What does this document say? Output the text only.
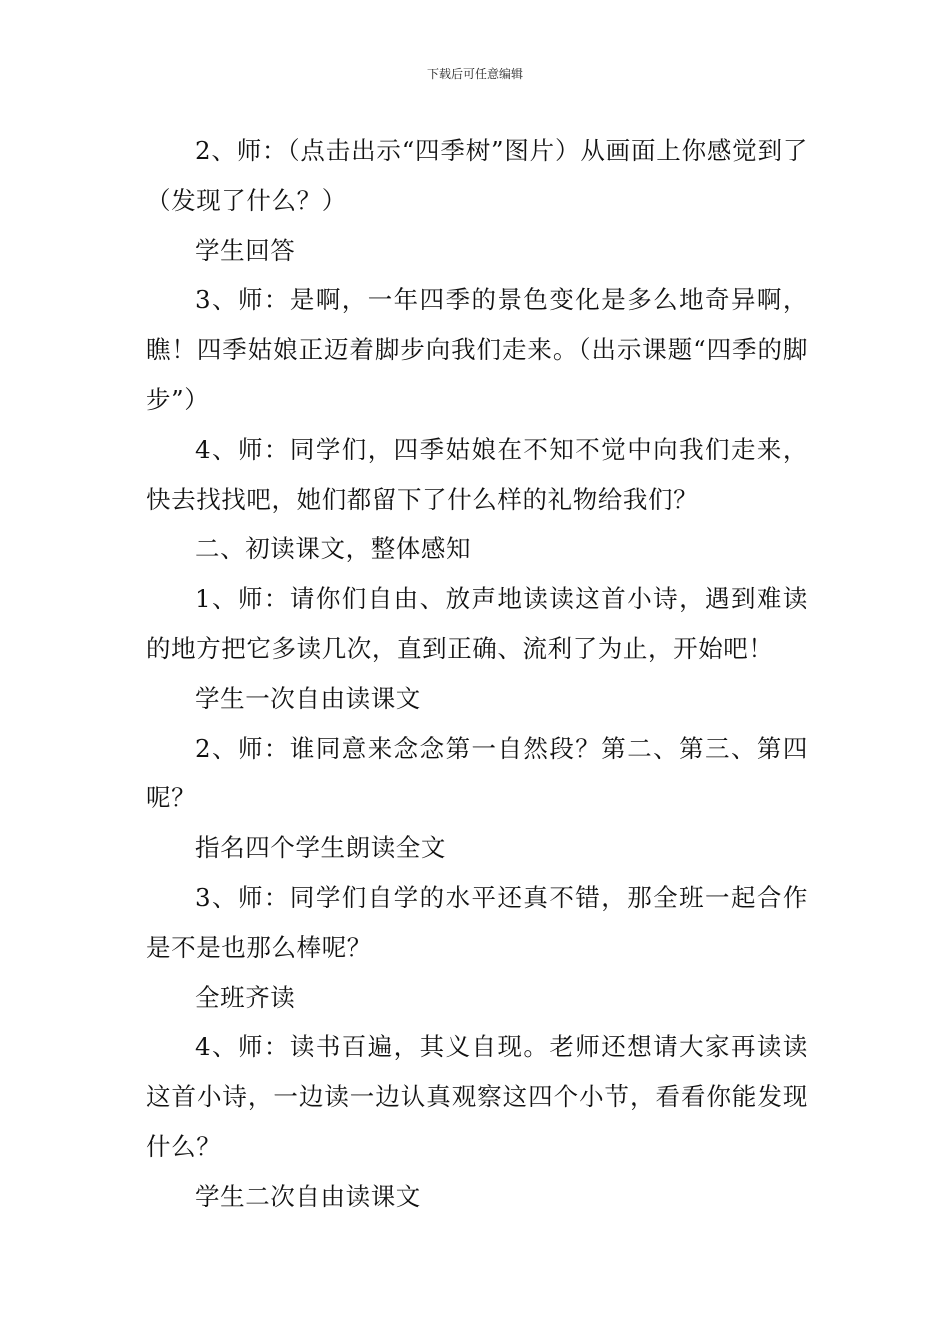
下载后可任意编辑

2、师：（点击出示“四季树”图片）从画面上你感觉到了（发现了什么？）

学生回答

3、师：是啊，一年四季的景色变化是多么地奇异啊，瞧！四季姑娘正迈着脚步向我们走来。（出示课题“四季的脚步”）

4、师：同学们，四季姑娘在不知不觉中向我们走来，快去找找吧，她们都留下了什么样的礼物给我们？

二、初读课文，整体感知

1、师：请你们自由、放声地读读这首小诗，遇到难读的地方把它多读几次，直到正确、流利了为止，开始吧！

学生一次自由读课文

2、师：谁同意来念念第一自然段？第二、第三、第四呢？

指名四个学生朗读全文

3、师：同学们自学的水平还真不错，那全班一起合作是不是也那么棒呢？

全班齐读

4、师：读书百遍，其义自现。老师还想请大家再读读这首小诗，一边读一边认真观察这四个小节，看看你能发现什么？

学生二次自由读课文
